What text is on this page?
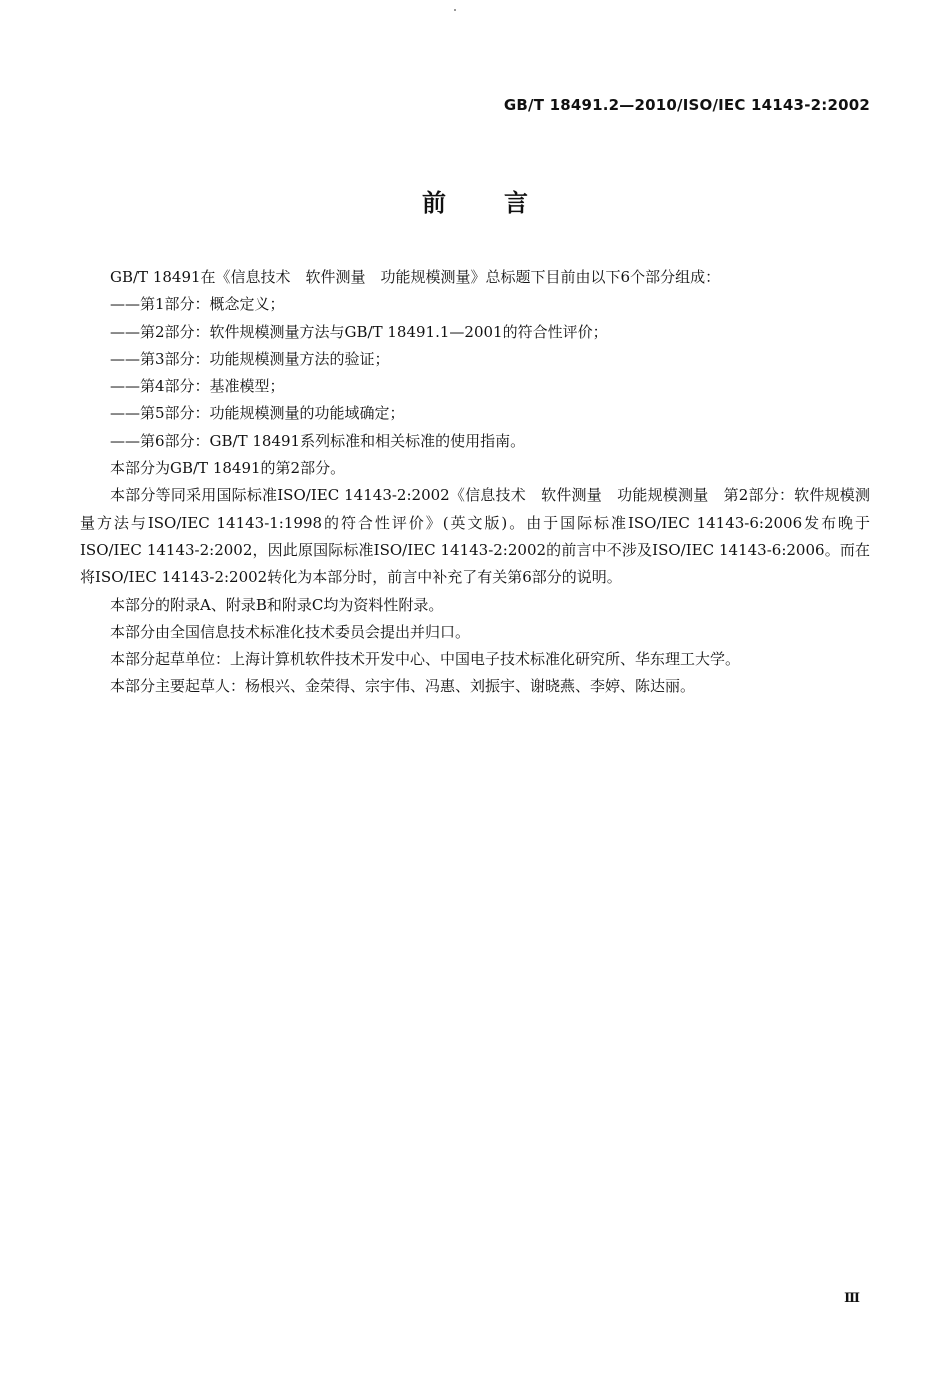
GB/T 18491.2—2010/ISO/IEC 14143-2:2002
前言

GB/T 18491在《信息技术　软件测量　功能规模测量》总标题下目前由以下6个部分组成：

——第1部分：概念定义；

——第2部分：软件规模测量方法与GB/T 18491.1—2001的符合性评价；

——第3部分：功能规模测量方法的验证；

——第4部分：基准模型；

——第5部分：功能规模测量的功能域确定；

——第6部分：GB/T 18491系列标准和相关标准的使用指南。

本部分为GB/T 18491的第2部分。

本部分等同采用国际标准ISO/IEC 14143-2:2002《信息技术　软件测量　功能规模测量　第2部分：软件规模测量方法与ISO/IEC 14143-1:1998的符合性评价》(英文版)。由于国际标准ISO/IEC 14143-6:2006发布晚于ISO/IEC 14143-2:2002，因此原国际标准ISO/IEC 14143-2:2002的前言中不涉及ISO/IEC 14143-6:2006。而在将ISO/IEC 14143-2:2002转化为本部分时，前言中补充了有关第6部分的说明。

本部分的附录A、附录B和附录C均为资料性附录。

本部分由全国信息技术标准化技术委员会提出并归口。

本部分起草单位：上海计算机软件技术开发中心、中国电子技术标准化研究所、华东理工大学。

本部分主要起草人：杨根兴、金荣得、宗宇伟、冯惠、刘振宇、谢晓燕、李婷、陈达丽。

Ⅲ
